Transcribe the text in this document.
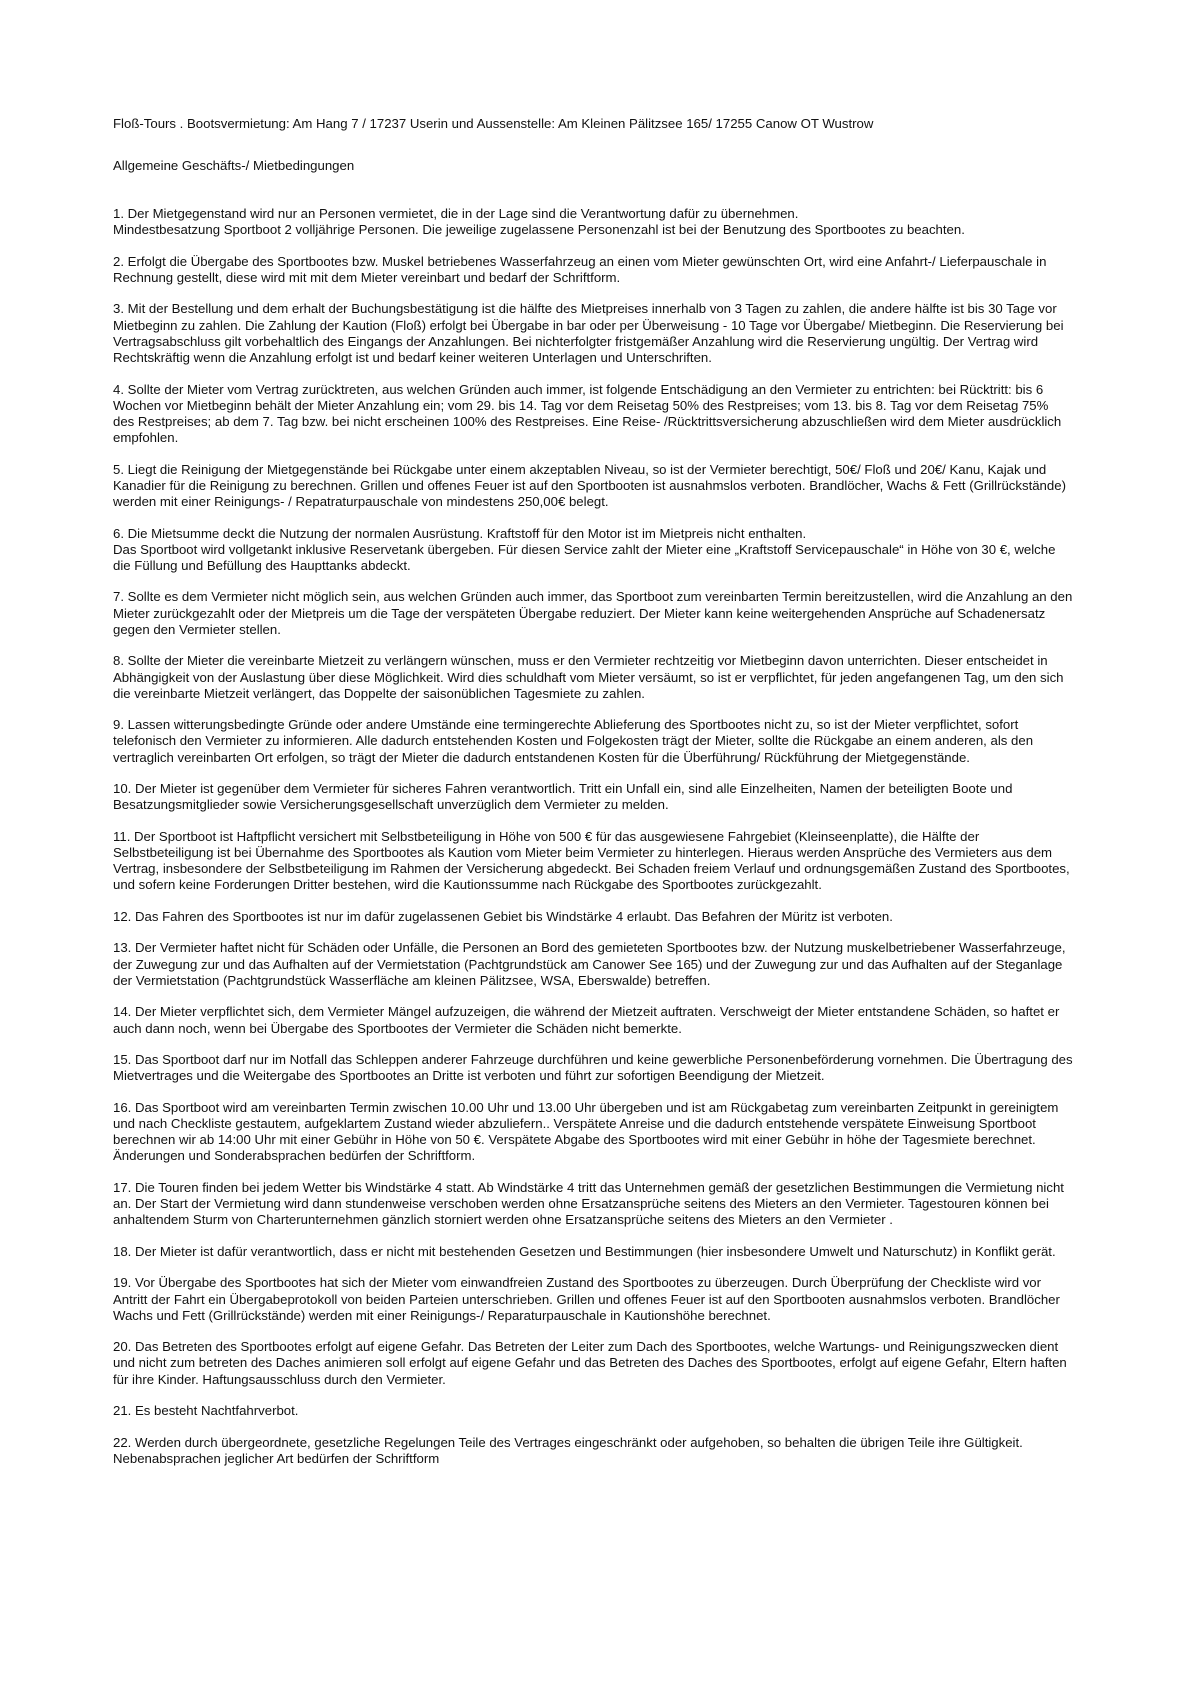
Floß-Tours . Bootsvermietung: Am Hang 7 / 17237 Userin und Aussenstelle: Am Kleinen Pälitzsee 165/ 17255 Canow OT Wustrow

Allgemeine Geschäfts-/ Mietbedingungen

1. Der Mietgegenstand wird nur an Personen vermietet, die in der Lage sind die Verantwortung dafür zu übernehmen.

Mindestbesatzung Sportboot 2 volljährige Personen. Die jeweilige zugelassene Personenzahl ist bei der Benutzung des Sportbootes zu beachten.

2. Erfolgt die Übergabe des Sportbootes bzw. Muskel betriebenes Wasserfahrzeug an einen vom Mieter gewünschten Ort, wird eine Anfahrt-/ Lieferpauschale in Rechnung gestellt, diese wird mit mit dem Mieter vereinbart und bedarf der Schriftform.

3. Mit der Bestellung und dem erhalt der Buchungsbestätigung ist die hälfte des Mietpreises innerhalb von 3 Tagen zu zahlen, die andere hälfte ist bis 30 Tage vor Mietbeginn zu zahlen. Die Zahlung der Kaution (Floß) erfolgt bei Übergabe in bar oder per Überweisung - 10 Tage vor Übergabe/ Mietbeginn. Die Reservierung bei Vertragsabschluss gilt vorbehaltlich des Eingangs der Anzahlungen. Bei nichterfolgter fristgemäßer Anzahlung wird die Reservierung ungültig. Der Vertrag wird Rechtskräftig wenn die Anzahlung erfolgt ist und bedarf keiner weiteren Unterlagen und Unterschriften.

4. Sollte der Mieter vom Vertrag zurücktreten, aus welchen Gründen auch immer, ist folgende Entschädigung an den Vermieter zu entrichten: bei Rücktritt: bis 6 Wochen vor Mietbeginn behält der Mieter Anzahlung ein; vom 29. bis 14. Tag vor dem Reisetag 50% des Restpreises; vom 13. bis 8. Tag vor dem Reisetag 75% des Restpreises; ab dem 7. Tag bzw. bei nicht erscheinen 100% des Restpreises. Eine Reise- /Rücktrittsversicherung abzuschließen wird dem Mieter ausdrücklich empfohlen.

5. Liegt die Reinigung der Mietgegenstände bei Rückgabe unter einem akzeptablen Niveau, so ist der Vermieter berechtigt, 50€/ Floß und 20€/ Kanu, Kajak und Kanadier für die Reinigung zu berechnen. Grillen und offenes Feuer ist auf den Sportbooten ist ausnahmslos verboten. Brandlöcher, Wachs & Fett (Grillrückstände) werden mit einer Reinigungs- / Repatraturpauschale von mindestens 250,00€ belegt.

6. Die Mietsumme deckt die Nutzung der normalen Ausrüstung. Kraftstoff für den Motor ist im Mietpreis nicht enthalten.

Das Sportboot wird vollgetankt inklusive Reservetank übergeben. Für diesen Service zahlt der Mieter eine „Kraftstoff Servicepauschale“ in Höhe von 30 €, welche die Füllung und Befüllung des Haupttanks abdeckt.

7. Sollte es dem Vermieter nicht möglich sein, aus welchen Gründen auch immer, das Sportboot zum vereinbarten Termin bereitzustellen, wird die Anzahlung an den Mieter zurückgezahlt oder der Mietpreis um die Tage der verspäteten Übergabe reduziert. Der Mieter kann keine weitergehenden Ansprüche auf Schadenersatz gegen den Vermieter stellen.

8. Sollte der Mieter die vereinbarte Mietzeit zu verlängern wünschen, muss er den Vermieter rechtzeitig vor Mietbeginn davon unterrichten. Dieser entscheidet in Abhängigkeit von der Auslastung über diese Möglichkeit. Wird dies schuldhaft vom Mieter versäumt, so ist er verpflichtet, für jeden angefangenen Tag, um den sich die vereinbarte Mietzeit verlängert, das Doppelte der saisonüblichen Tagesmiete zu zahlen.

9. Lassen witterungsbedingte Gründe oder andere Umstände eine termingerechte Ablieferung des Sportbootes nicht zu, so ist der Mieter verpflichtet, sofort telefonisch den Vermieter zu informieren. Alle dadurch entstehenden Kosten und Folgekosten trägt der Mieter, sollte die Rückgabe an einem anderen, als den vertraglich vereinbarten Ort erfolgen, so trägt der Mieter die dadurch entstandenen Kosten für die Überführung/ Rückführung der Mietgegenstände.

10. Der Mieter ist gegenüber dem Vermieter für sicheres Fahren verantwortlich. Tritt ein Unfall ein, sind alle Einzelheiten, Namen der beteiligten Boote und Besatzungsmitglieder sowie Versicherungsgesellschaft unverzüglich dem Vermieter zu melden.

11. Der Sportboot ist Haftpflicht versichert mit Selbstbeteiligung in Höhe von 500 € für das ausgewiesene Fahrgebiet (Kleinseenplatte), die Hälfte der Selbstbeteiligung ist bei Übernahme des Sportbootes als Kaution vom Mieter beim Vermieter zu hinterlegen. Hieraus werden Ansprüche des Vermieters aus dem Vertrag, insbesondere der Selbstbeteiligung im Rahmen der Versicherung abgedeckt. Bei Schaden freiem Verlauf und ordnungsgemäßen Zustand des Sportbootes, und sofern keine Forderungen Dritter bestehen, wird die Kautionssumme nach Rückgabe des Sportbootes zurückgezahlt.

12. Das Fahren des Sportbootes ist nur im dafür zugelassenen Gebiet bis Windstärke 4 erlaubt. Das Befahren der Müritz ist verboten.

13. Der Vermieter haftet nicht für Schäden oder Unfälle, die Personen an Bord des gemieteten Sportbootes bzw. der Nutzung muskelbetriebener Wasserfahrzeuge, der Zuwegung zur und das Aufhalten auf der Vermietstation (Pachtgrundstück am Canower See 165) und der Zuwegung zur und das Aufhalten auf der Steganlage der Vermietstation (Pachtgrundstück Wasserfläche am kleinen Pälitzsee, WSA, Eberswalde) betreffen.

14. Der Mieter verpflichtet sich, dem Vermieter Mängel aufzuzeigen, die während der Mietzeit auftraten. Verschweigt der Mieter entstandene Schäden, so haftet er auch dann noch, wenn bei Übergabe des Sportbootes der Vermieter die Schäden nicht bemerkte.

15. Das Sportboot darf nur im Notfall das Schleppen anderer Fahrzeuge durchführen und keine gewerbliche Personenbeförderung vornehmen. Die Übertragung des Mietvertrages und die Weitergabe des Sportbootes an Dritte ist verboten und führt zur sofortigen Beendigung der Mietzeit.

16. Das Sportboot wird am vereinbarten Termin zwischen 10.00 Uhr und 13.00 Uhr übergeben und ist am Rückgabetag zum vereinbarten Zeitpunkt in gereinigtem und nach Checkliste gestautem, aufgeklartem Zustand wieder abzuliefern.. Verspätete Anreise und die dadurch entstehende verspätete Einweisung Sportboot berechnen wir ab 14:00 Uhr mit einer Gebühr in Höhe von 50 €. Verspätete Abgabe des Sportbootes wird mit einer Gebühr in höhe der Tagesmiete berechnet. Änderungen und Sonderabsprachen bedürfen der Schriftform.

17. Die Touren finden bei jedem Wetter bis Windstärke 4 statt. Ab Windstärke 4 tritt das Unternehmen gemäß der gesetzlichen Bestimmungen die Vermietung nicht an. Der Start der Vermietung wird dann stundenweise verschoben werden ohne Ersatzansprüche seitens des Mieters an den Vermieter. Tagestouren können bei anhaltendem Sturm von Charterunternehmen gänzlich storniert werden ohne Ersatzansprüche seitens des Mieters an den Vermieter .

18. Der Mieter ist dafür verantwortlich, dass er nicht mit bestehenden Gesetzen und Bestimmungen (hier insbesondere Umwelt und Naturschutz) in Konflikt gerät.

19. Vor Übergabe des Sportbootes hat sich der Mieter vom einwandfreien Zustand des Sportbootes zu überzeugen. Durch Überprüfung der Checkliste wird vor Antritt der Fahrt ein Übergabeprotokoll von beiden Parteien unterschrieben. Grillen und offenes Feuer ist auf den Sportbooten ausnahmslos verboten. Brandlöcher Wachs und Fett (Grillrückstände) werden mit einer Reinigungs-/ Reparaturpauschale in Kautionshöhe berechnet.

20. Das Betreten des Sportbootes erfolgt auf eigene Gefahr. Das Betreten der Leiter zum Dach des Sportbootes, welche Wartungs- und Reinigungszwecken dient und nicht zum betreten des Daches animieren soll erfolgt auf eigene Gefahr und das Betreten des Daches des Sportbootes, erfolgt auf eigene Gefahr, Eltern haften für ihre Kinder. Haftungsausschluss durch den Vermieter.

21. Es besteht Nachtfahrverbot.

22. Werden durch übergeordnete, gesetzliche Regelungen Teile des Vertrages eingeschränkt oder aufgehoben, so behalten die übrigen Teile ihre Gültigkeit. Nebenabsprachen jeglicher Art bedürfen der Schriftform
